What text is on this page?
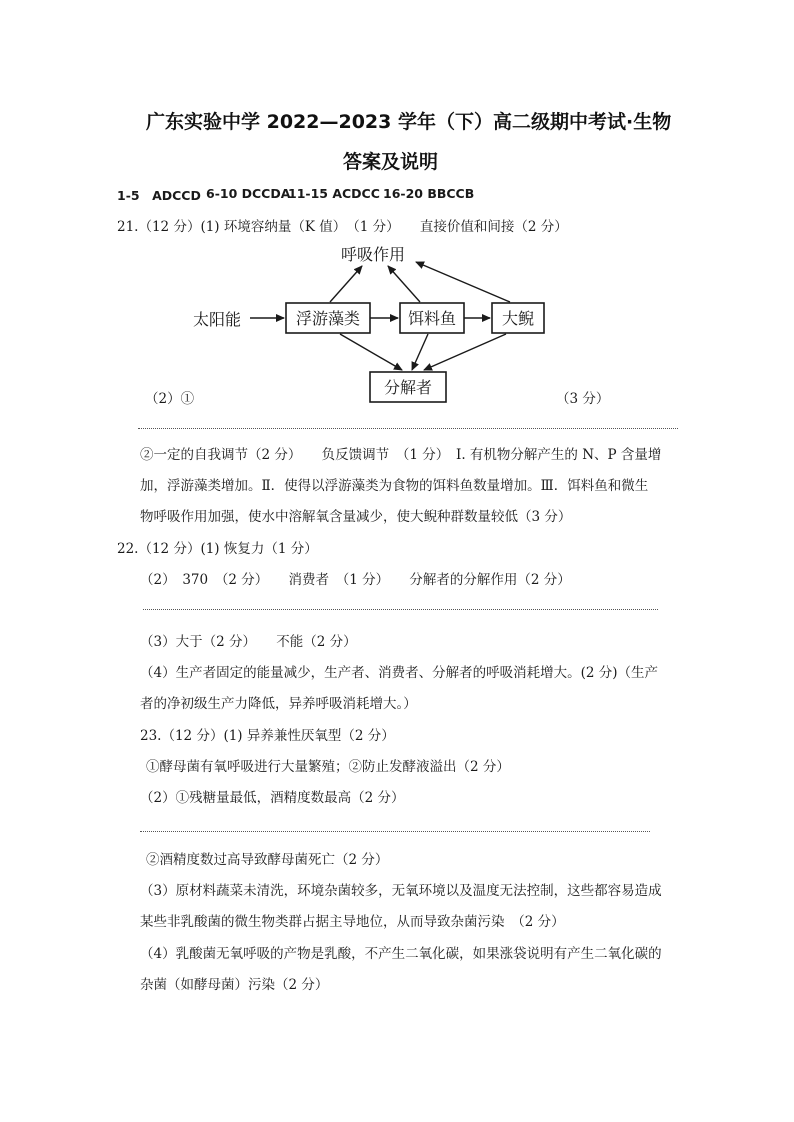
广东实验中学 2022—2023 学年（下）高二级期中考试·生物
答案及说明
1-5　ADCCD 6-10 DCCDA
11-15 ACDCC 16-20 BBCCB
21.（12 分）(1) 环境容纳量（K 值）　（1 分）　　直接价值和间接（2 分）
呼吸作用
太阳能	浮游藻类	饵料鱼	大鲵
分解者
（2）①	（3 分）
②一定的自我调节（2 分）　　负反馈调节　（1 分）　Ⅰ. 有机物分解产生的 N、P 含量增
加，浮游藻类增加。Ⅱ．使得以浮游藻类为食物的饵料鱼数量增加。Ⅲ．饵料鱼和微生
物呼吸作用加强，使水中溶解氧含量减少，使大鲵种群数量较低（3 分）
22.（12 分）(1) 恢复力（1 分）
（2）　370　（2 分）　　消费者　（1 分）　　分解者的分解作用（2 分）
（3）大于（2 分）　　不能（2 分）
（4）生产者固定的能量减少，生产者、消费者、分解者的呼吸消耗增大。(2 分)（生产
者的净初级生产力降低，异养呼吸消耗增大。）
23.（12 分）(1) 异养兼性厌氧型（2 分）
①酵母菌有氧呼吸进行大量繁殖；②防止发酵液溢出（2 分）
（2）①残糖量最低，酒精度数最高（2 分）
②酒精度数过高导致酵母菌死亡（2 分）
（3）原材料蔬菜未清洗，环境杂菌较多，无氧环境以及温度无法控制，这些都容易造成
某些非乳酸菌的微生物类群占据主导地位，从而导致杂菌污染　（2 分）
（4）乳酸菌无氧呼吸的产物是乳酸，不产生二氧化碳，如果涨袋说明有产生二氧化碳的
杂菌（如酵母菌）污染（2 分）
